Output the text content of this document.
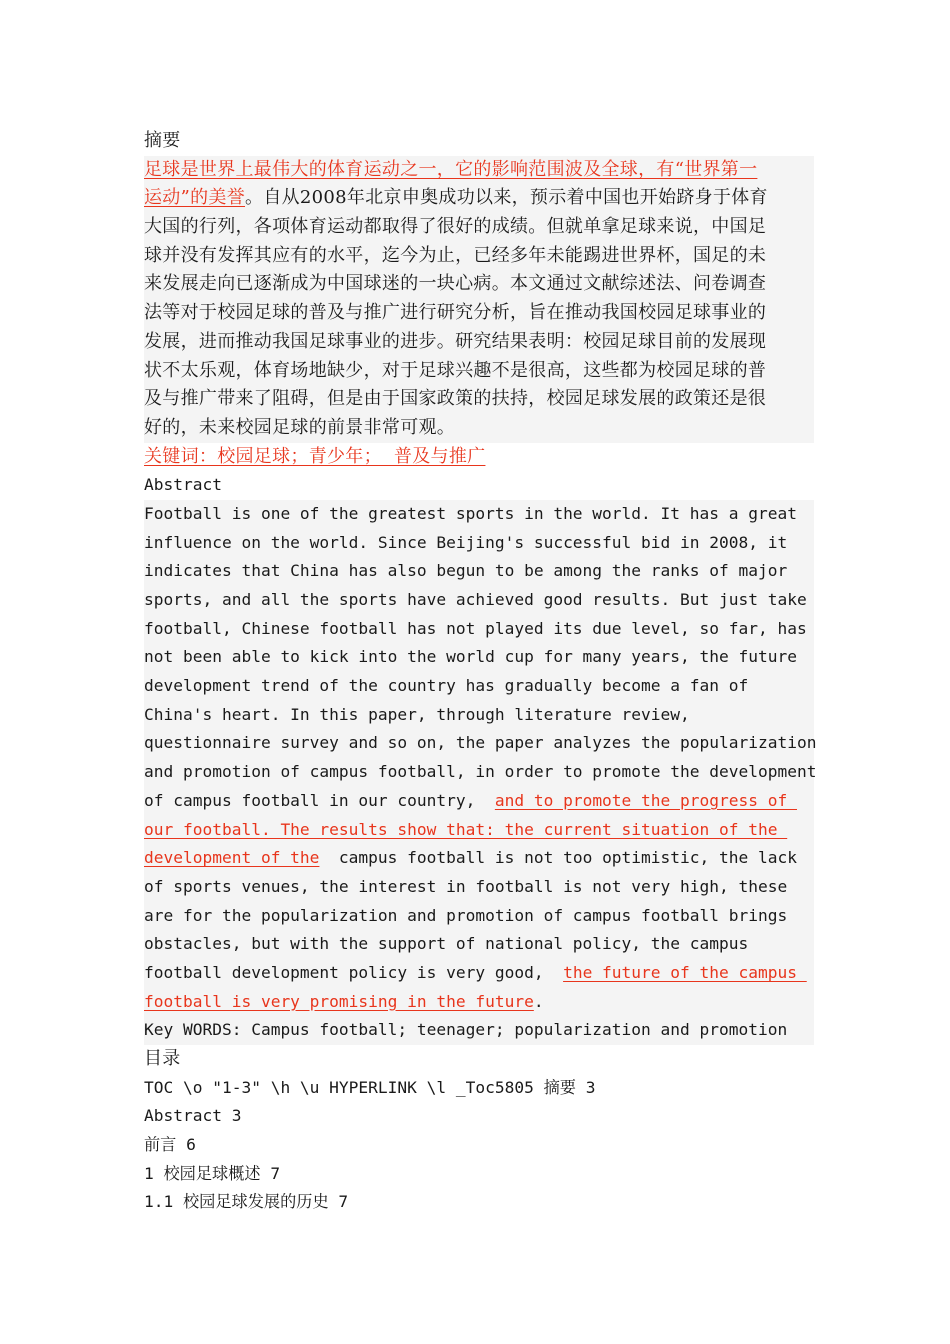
摘要
足球是世界上最伟大的体育运动之一，它的影响范围波及全球，有“世界第一
运动”的美誉。自从2008年北京申奥成功以来，预示着中国也开始跻身于体育
大国的行列，各项体育运动都取得了很好的成绩。但就单拿足球来说，中国足
球并没有发挥其应有的水平，迄今为止，已经多年未能踢进世界杯，国足的未
来发展走向已逐渐成为中国球迷的一块心病。本文通过文献综述法、问卷调查
法等对于校园足球的普及与推广进行研究分析，旨在推动我国校园足球事业的
发展，进而推动我国足球事业的进步。研究结果表明：校园足球目前的发展现
状不太乐观，体育场地缺少，对于足球兴趣不是很高，这些都为校园足球的普
及与推广带来了阻碍，但是由于国家政策的扶持，校园足球发展的政策还是很
好的，未来校园足球的前景非常可观。
关键词：校园足球；青少年；  普及与推广
Abstract
Football is one of the greatest sports in the world. It has a great
influence on the world. Since Beijing's successful bid in 2008, it
indicates that China has also begun to be among the ranks of major
sports, and all the sports have achieved good results. But just take
football, Chinese football has not played its due level, so far, has
not been able to kick into the world cup for many years, the future
development trend of the country has gradually become a fan of
China's heart. In this paper, through literature review,
questionnaire survey and so on, the paper analyzes the popularization
and promotion of campus football, in order to promote the development
of campus football in our country,  and to promote the progress of
our football. The results show that: the current situation of the
development of the  campus football is not too optimistic, the lack
of sports venues, the interest in football is not very high, these
are for the popularization and promotion of campus football brings
obstacles, but with the support of national policy, the campus
football development policy is very good,  the future of the campus
football is very promising in the future.
Key WORDS: Campus football; teenager; popularization and promotion
目录
TOC \o "1-3" \h \u HYPERLINK \l _Toc5805 摘要 3
Abstract 3
前言 6
1 校园足球概述 7
1.1 校园足球发展的历史 7
